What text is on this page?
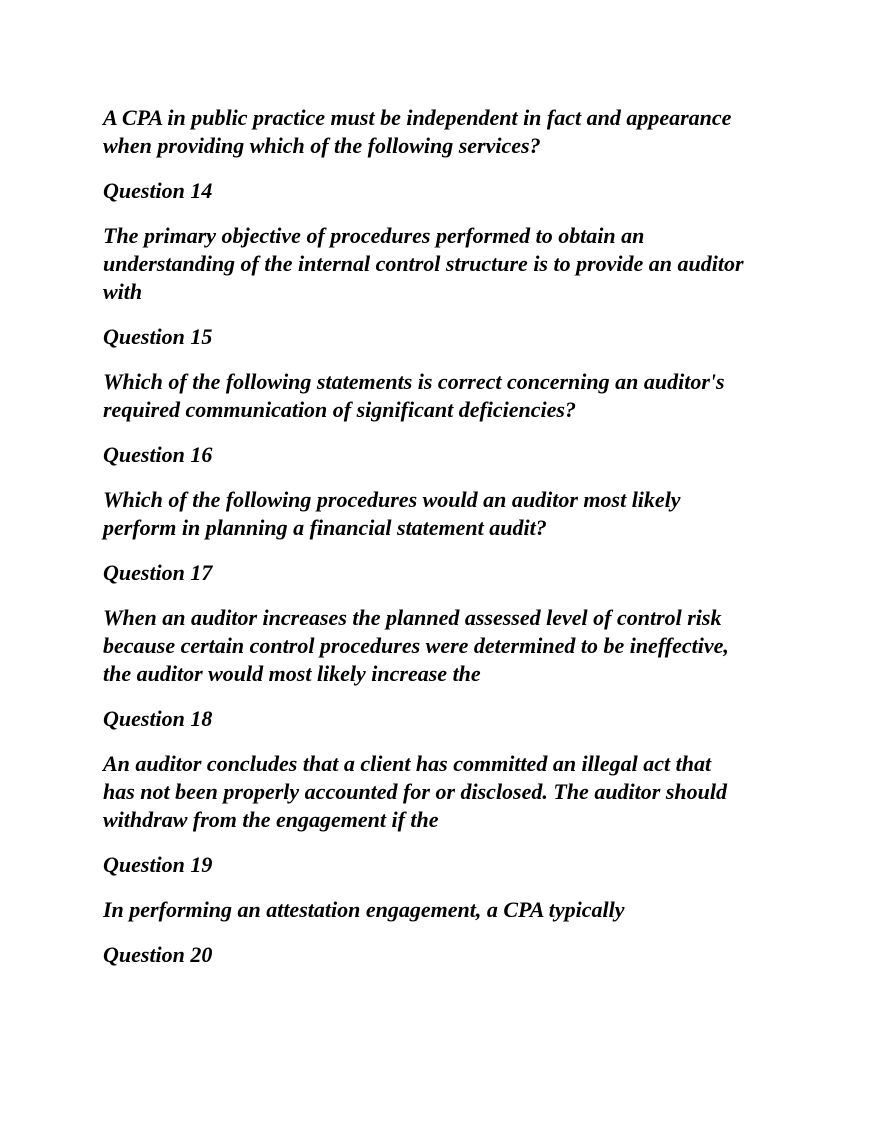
A CPA in public practice must be independent in fact and appearance
when providing which of the following services?
Question 14
The primary objective of procedures performed to obtain an
understanding of the internal control structure is to provide an auditor
with
Question 15
Which of the following statements is correct concerning an auditor's
required communication of significant deficiencies?
Question 16
Which of the following procedures would an auditor most likely
perform in planning a financial statement audit?
Question 17
When an auditor increases the planned assessed level of control risk
because certain control procedures were determined to be ineffective,
the auditor would most likely increase the
Question 18
An auditor concludes that a client has committed an illegal act that
has not been properly accounted for or disclosed. The auditor should
withdraw from the engagement if the
Question 19
In performing an attestation engagement, a CPA typically
Question 20
